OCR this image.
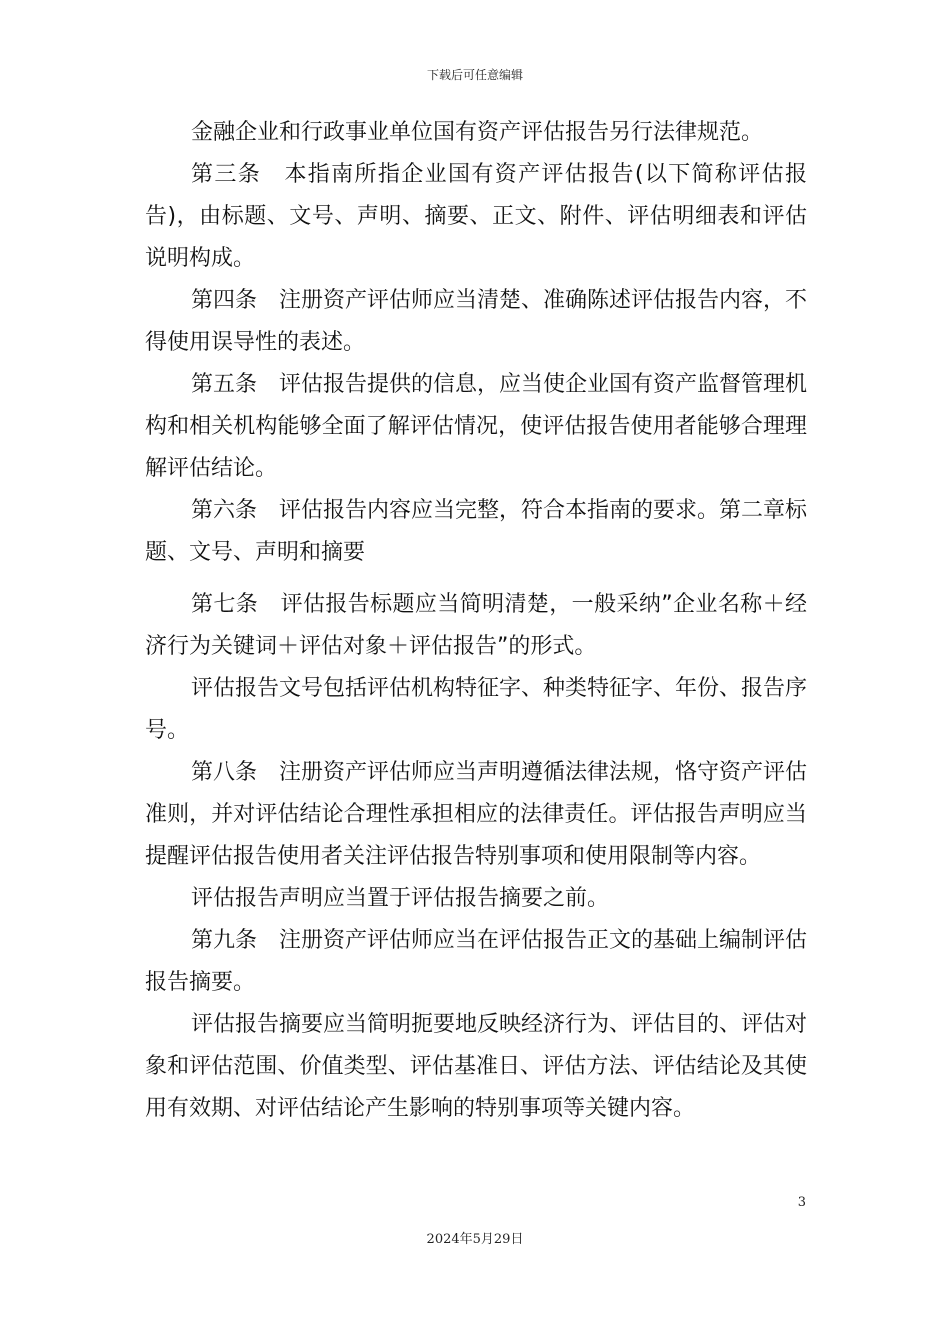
下载后可任意编辑

金融企业和行政事业单位国有资产评估报告另行法律规范。

第三条　本指南所指企业国有资产评估报告(以下简称评估报告)，由标题、文号、声明、摘要、正文、附件、评估明细表和评估说明构成。

第四条　注册资产评估师应当清楚、准确陈述评估报告内容，不得使用误导性的表述。

第五条　评估报告提供的信息，应当使企业国有资产监督管理机构和相关机构能够全面了解评估情况，使评估报告使用者能够合理理解评估结论。

第六条　评估报告内容应当完整，符合本指南的要求。第二章标题、文号、声明和摘要

第七条　评估报告标题应当简明清楚，一般采纳”企业名称＋经济行为关键词＋评估对象＋评估报告”的形式。

评估报告文号包括评估机构特征字、种类特征字、年份、报告序号。

第八条　注册资产评估师应当声明遵循法律法规，恪守资产评估准则，并对评估结论合理性承担相应的法律责任。评估报告声明应当提醒评估报告使用者关注评估报告特别事项和使用限制等内容。

评估报告声明应当置于评估报告摘要之前。

第九条　注册资产评估师应当在评估报告正文的基础上编制评估报告摘要。

评估报告摘要应当简明扼要地反映经济行为、评估目的、评估对象和评估范围、价值类型、评估基准日、评估方法、评估结论及其使用有效期、对评估结论产生影响的特别事项等关键内容。

3
2024年5月29日
